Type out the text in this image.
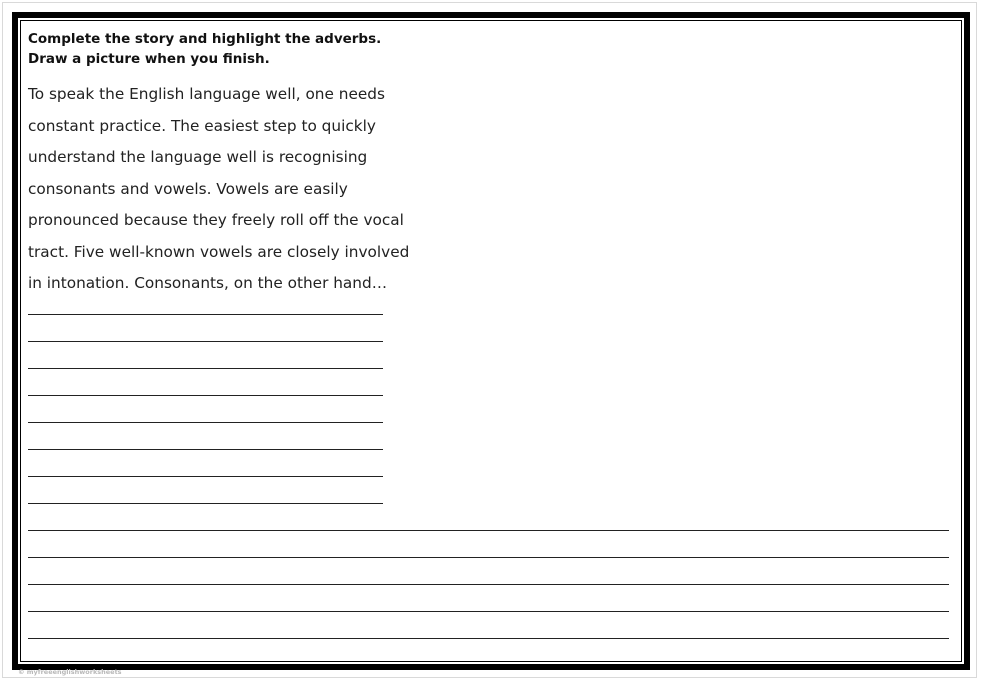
Complete the story and highlight the adverbs.
Draw a picture when you finish.
To speak the English language well, one needs
constant practice. The easiest step to quickly
understand the language well is recognising
consonants and vowels. Vowels are easily
pronounced because they freely roll off the vocal
tract. Five well-known vowels are closely involved
in intonation. Consonants, on the other hand…
© myfreeenglishworksheets
